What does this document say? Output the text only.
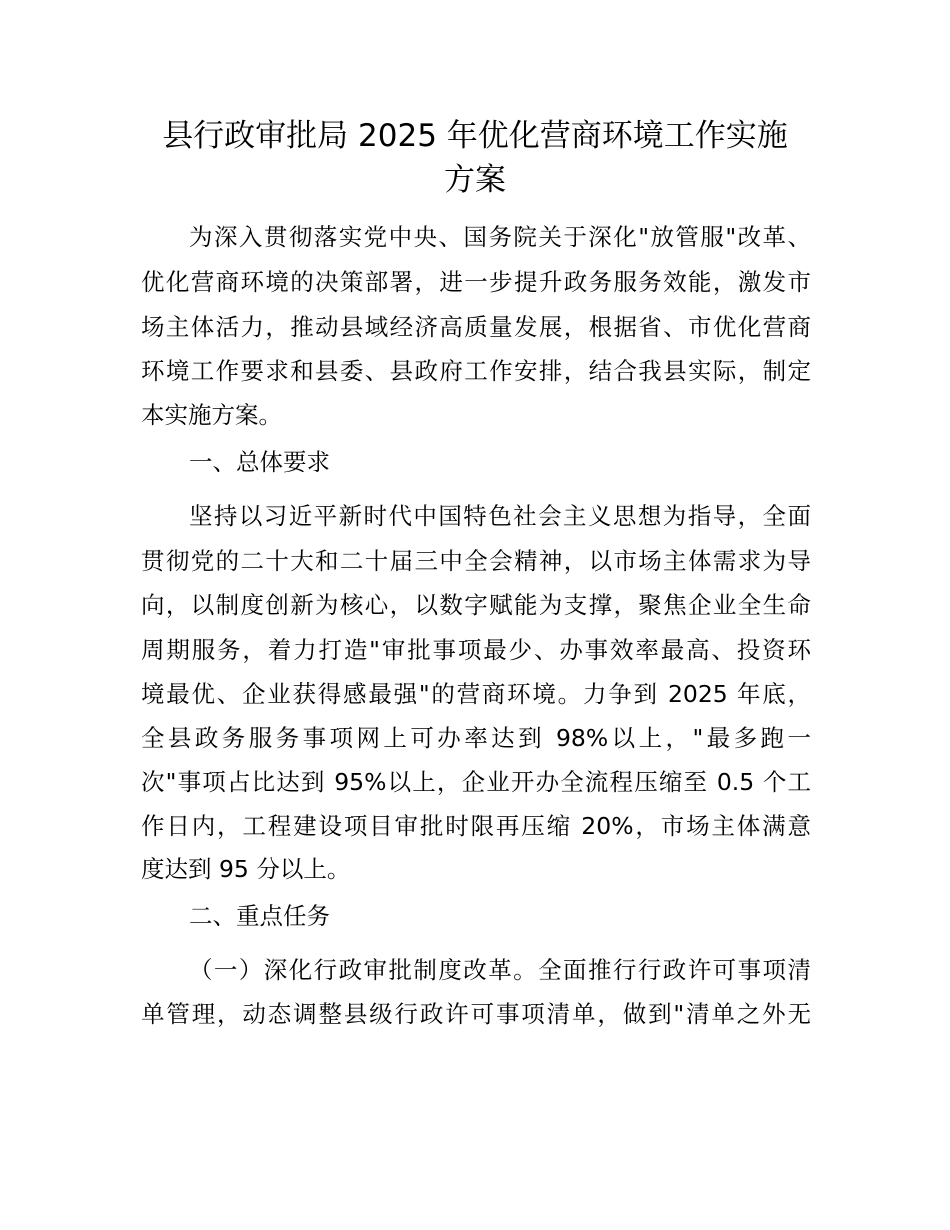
县行政审批局 2025 年优化营商环境工作实施
方案
为深入贯彻落实党中央、国务院关于深化"放管服"改革、
优化营商环境的决策部署，进一步提升政务服务效能，激发市
场主体活力，推动县域经济高质量发展，根据省、市优化营商
环境工作要求和县委、县政府工作安排，结合我县实际，制定
本实施方案。
一、总体要求
坚持以习近平新时代中国特色社会主义思想为指导，全面
贯彻党的二十大和二十届三中全会精神，以市场主体需求为导
向，以制度创新为核心，以数字赋能为支撑，聚焦企业全生命
周期服务，着力打造"审批事项最少、办事效率最高、投资环
境最优、企业获得感最强"的营商环境。力争到 2025 年底，
全县政务服务事项网上可办率达到 98%以上，"最多跑一
次"事项占比达到 95%以上，企业开办全流程压缩至 0.5 个工
作日内，工程建设项目审批时限再压缩 20%，市场主体满意
度达到 95 分以上。
二、重点任务
（一）深化行政审批制度改革。全面推行行政许可事项清
单管理，动态调整县级行政许可事项清单，做到"清单之外无
